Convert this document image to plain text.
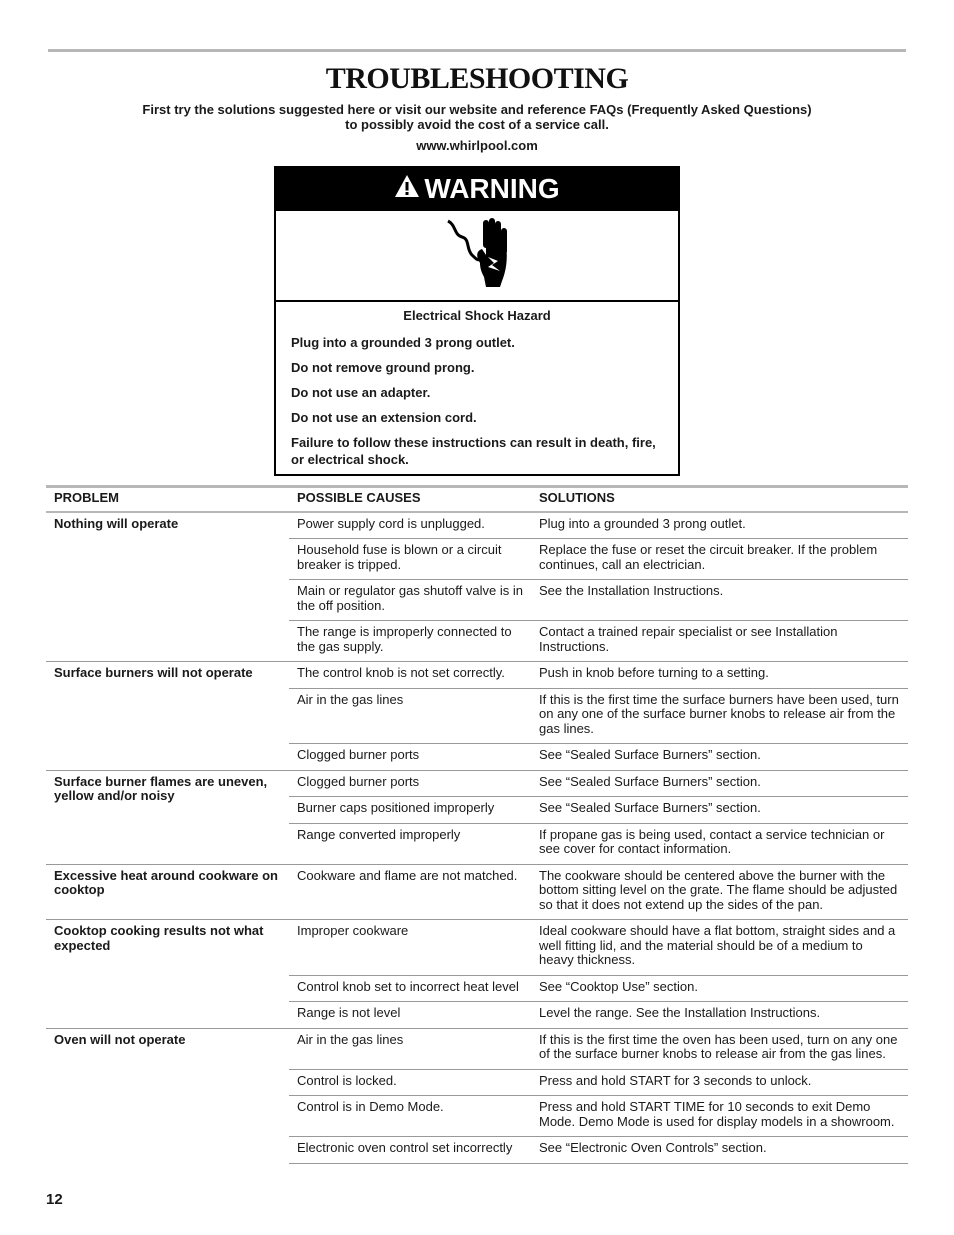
TROUBLESHOOTING
First try the solutions suggested here or visit our website and reference FAQs (Frequently Asked Questions)
to possibly avoid the cost of a service call.
www.whirlpool.com
WARNING

Electrical Shock Hazard

Plug into a grounded 3 prong outlet.

Do not remove ground prong.

Do not use an adapter.

Do not use an extension cord.

Failure to follow these instructions can result in death, fire, or electrical shock.

PROBLEM	POSSIBLE CAUSES	SOLUTIONS
Nothing will operate	Power supply cord is unplugged.	Plug into a grounded 3 prong outlet.
	Household fuse is blown or a circuit breaker is tripped.	Replace the fuse or reset the circuit breaker. If the problem continues, call an electrician.
	Main or regulator gas shutoff valve is in the off position.	See the Installation Instructions.
	The range is improperly connected to the gas supply.	Contact a trained repair specialist or see Installation Instructions.
Surface burners will not operate	The control knob is not set correctly.	Push in knob before turning to a setting.
	Air in the gas lines	If this is the first time the surface burners have been used, turn on any one of the surface burner knobs to release air from the gas lines.
	Clogged burner ports	See “Sealed Surface Burners” section.
Surface burner flames are uneven, yellow and/or noisy	Clogged burner ports	See “Sealed Surface Burners” section.
	Burner caps positioned improperly	See “Sealed Surface Burners” section.
	Range converted improperly	If propane gas is being used, contact a service technician or see cover for contact information.
Excessive heat around cookware on cooktop	Cookware and flame are not matched.	The cookware should be centered above the burner with the bottom sitting level on the grate. The flame should be adjusted so that it does not extend up the sides of the pan.
Cooktop cooking results not what expected	Improper cookware	Ideal cookware should have a flat bottom, straight sides and a well fitting lid, and the material should be of a medium to heavy thickness.
	Control knob set to incorrect heat level	See “Cooktop Use” section.
	Range is not level	Level the range. See the Installation Instructions.
Oven will not operate	Air in the gas lines	If this is the first time the oven has been used, turn on any one of the surface burner knobs to release air from the gas lines.
	Control is locked.	Press and hold START for 3 seconds to unlock.
	Control is in Demo Mode.	Press and hold START TIME for 10 seconds to exit Demo Mode. Demo Mode is used for display models in a showroom.
	Electronic oven control set incorrectly	See “Electronic Oven Controls” section.
12
